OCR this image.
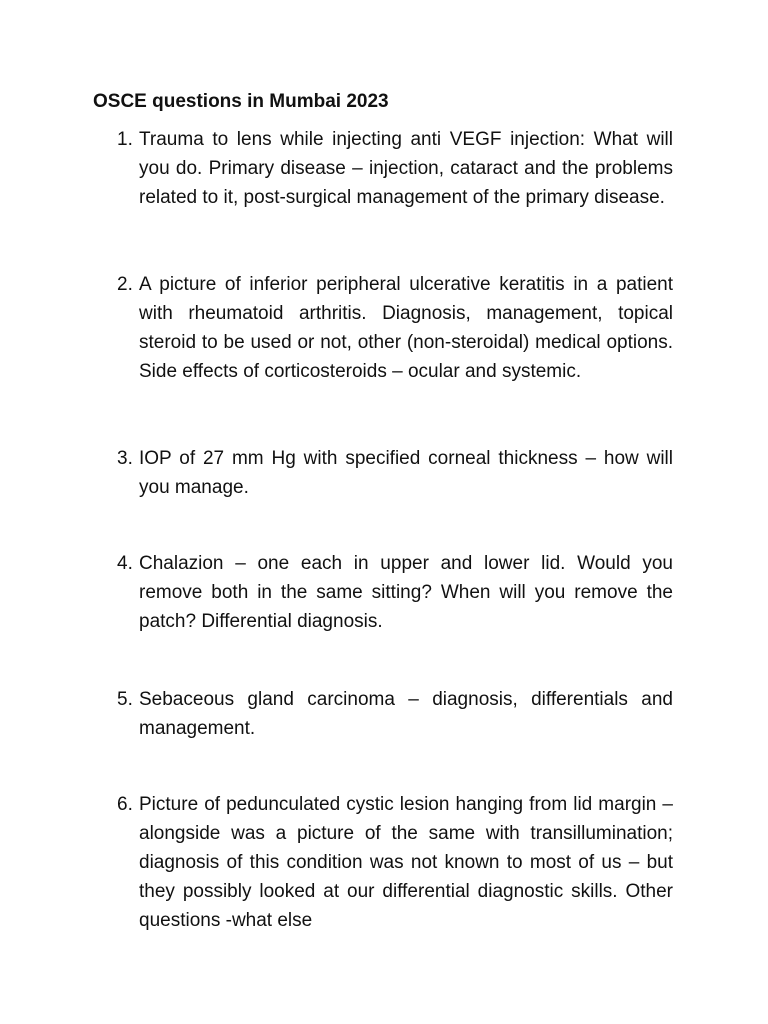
OSCE questions in Mumbai 2023
1. Trauma to lens while injecting anti VEGF injection: What will you do. Primary disease – injection, cataract and the problems related to it, post-surgical management of the primary disease.
2. A picture of inferior peripheral ulcerative keratitis in a patient with rheumatoid arthritis. Diagnosis, management, topical steroid to be used or not, other (non-steroidal) medical options. Side effects of corticosteroids – ocular and systemic.
3. IOP of 27 mm Hg with specified corneal thickness – how will you manage.
4. Chalazion – one each in upper and lower lid. Would you remove both in the same sitting? When will you remove the patch? Differential diagnosis.
5. Sebaceous gland carcinoma – diagnosis, differentials and management.
6. Picture of pedunculated cystic lesion hanging from lid margin – alongside was a picture of the same with transillumination; diagnosis of this condition was not known to most of us – but they possibly looked at our differential diagnostic skills. Other questions -what else
